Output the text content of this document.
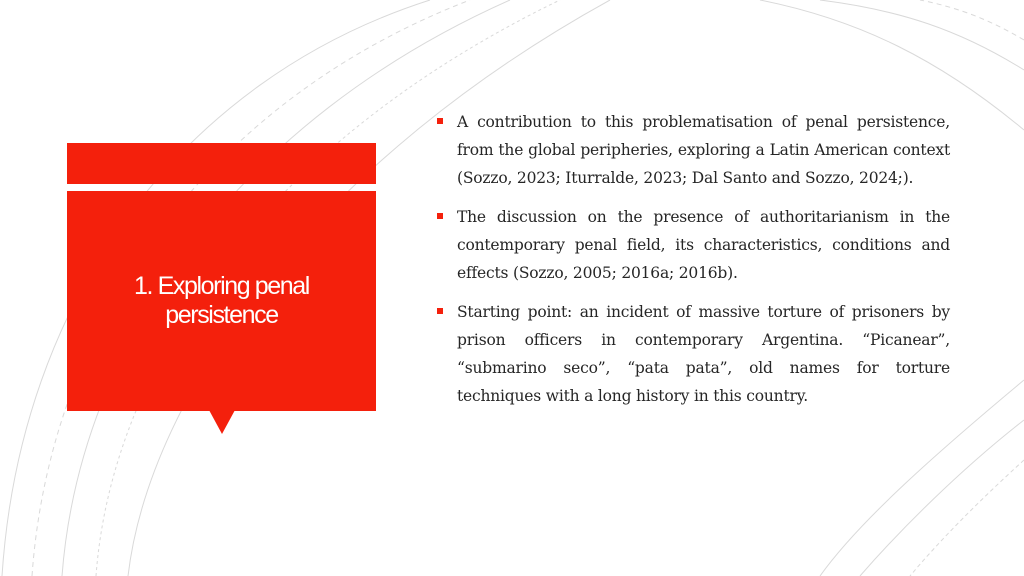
1. Exploring penal persistence
A contribution to this problematisation of penal persistence, from the global peripheries, exploring a Latin American context (Sozzo, 2023; Iturralde, 2023; Dal Santo and Sozzo, 2024;).
The discussion on the presence of authoritarianism in the contemporary penal field, its characteristics, conditions and effects (Sozzo, 2005; 2016a; 2016b).
Starting point: an incident of massive torture of prisoners by prison officers in contemporary Argentina. “Picanear”, “submarino seco”, “pata pata”, old names for torture techniques with a long history in this country.
